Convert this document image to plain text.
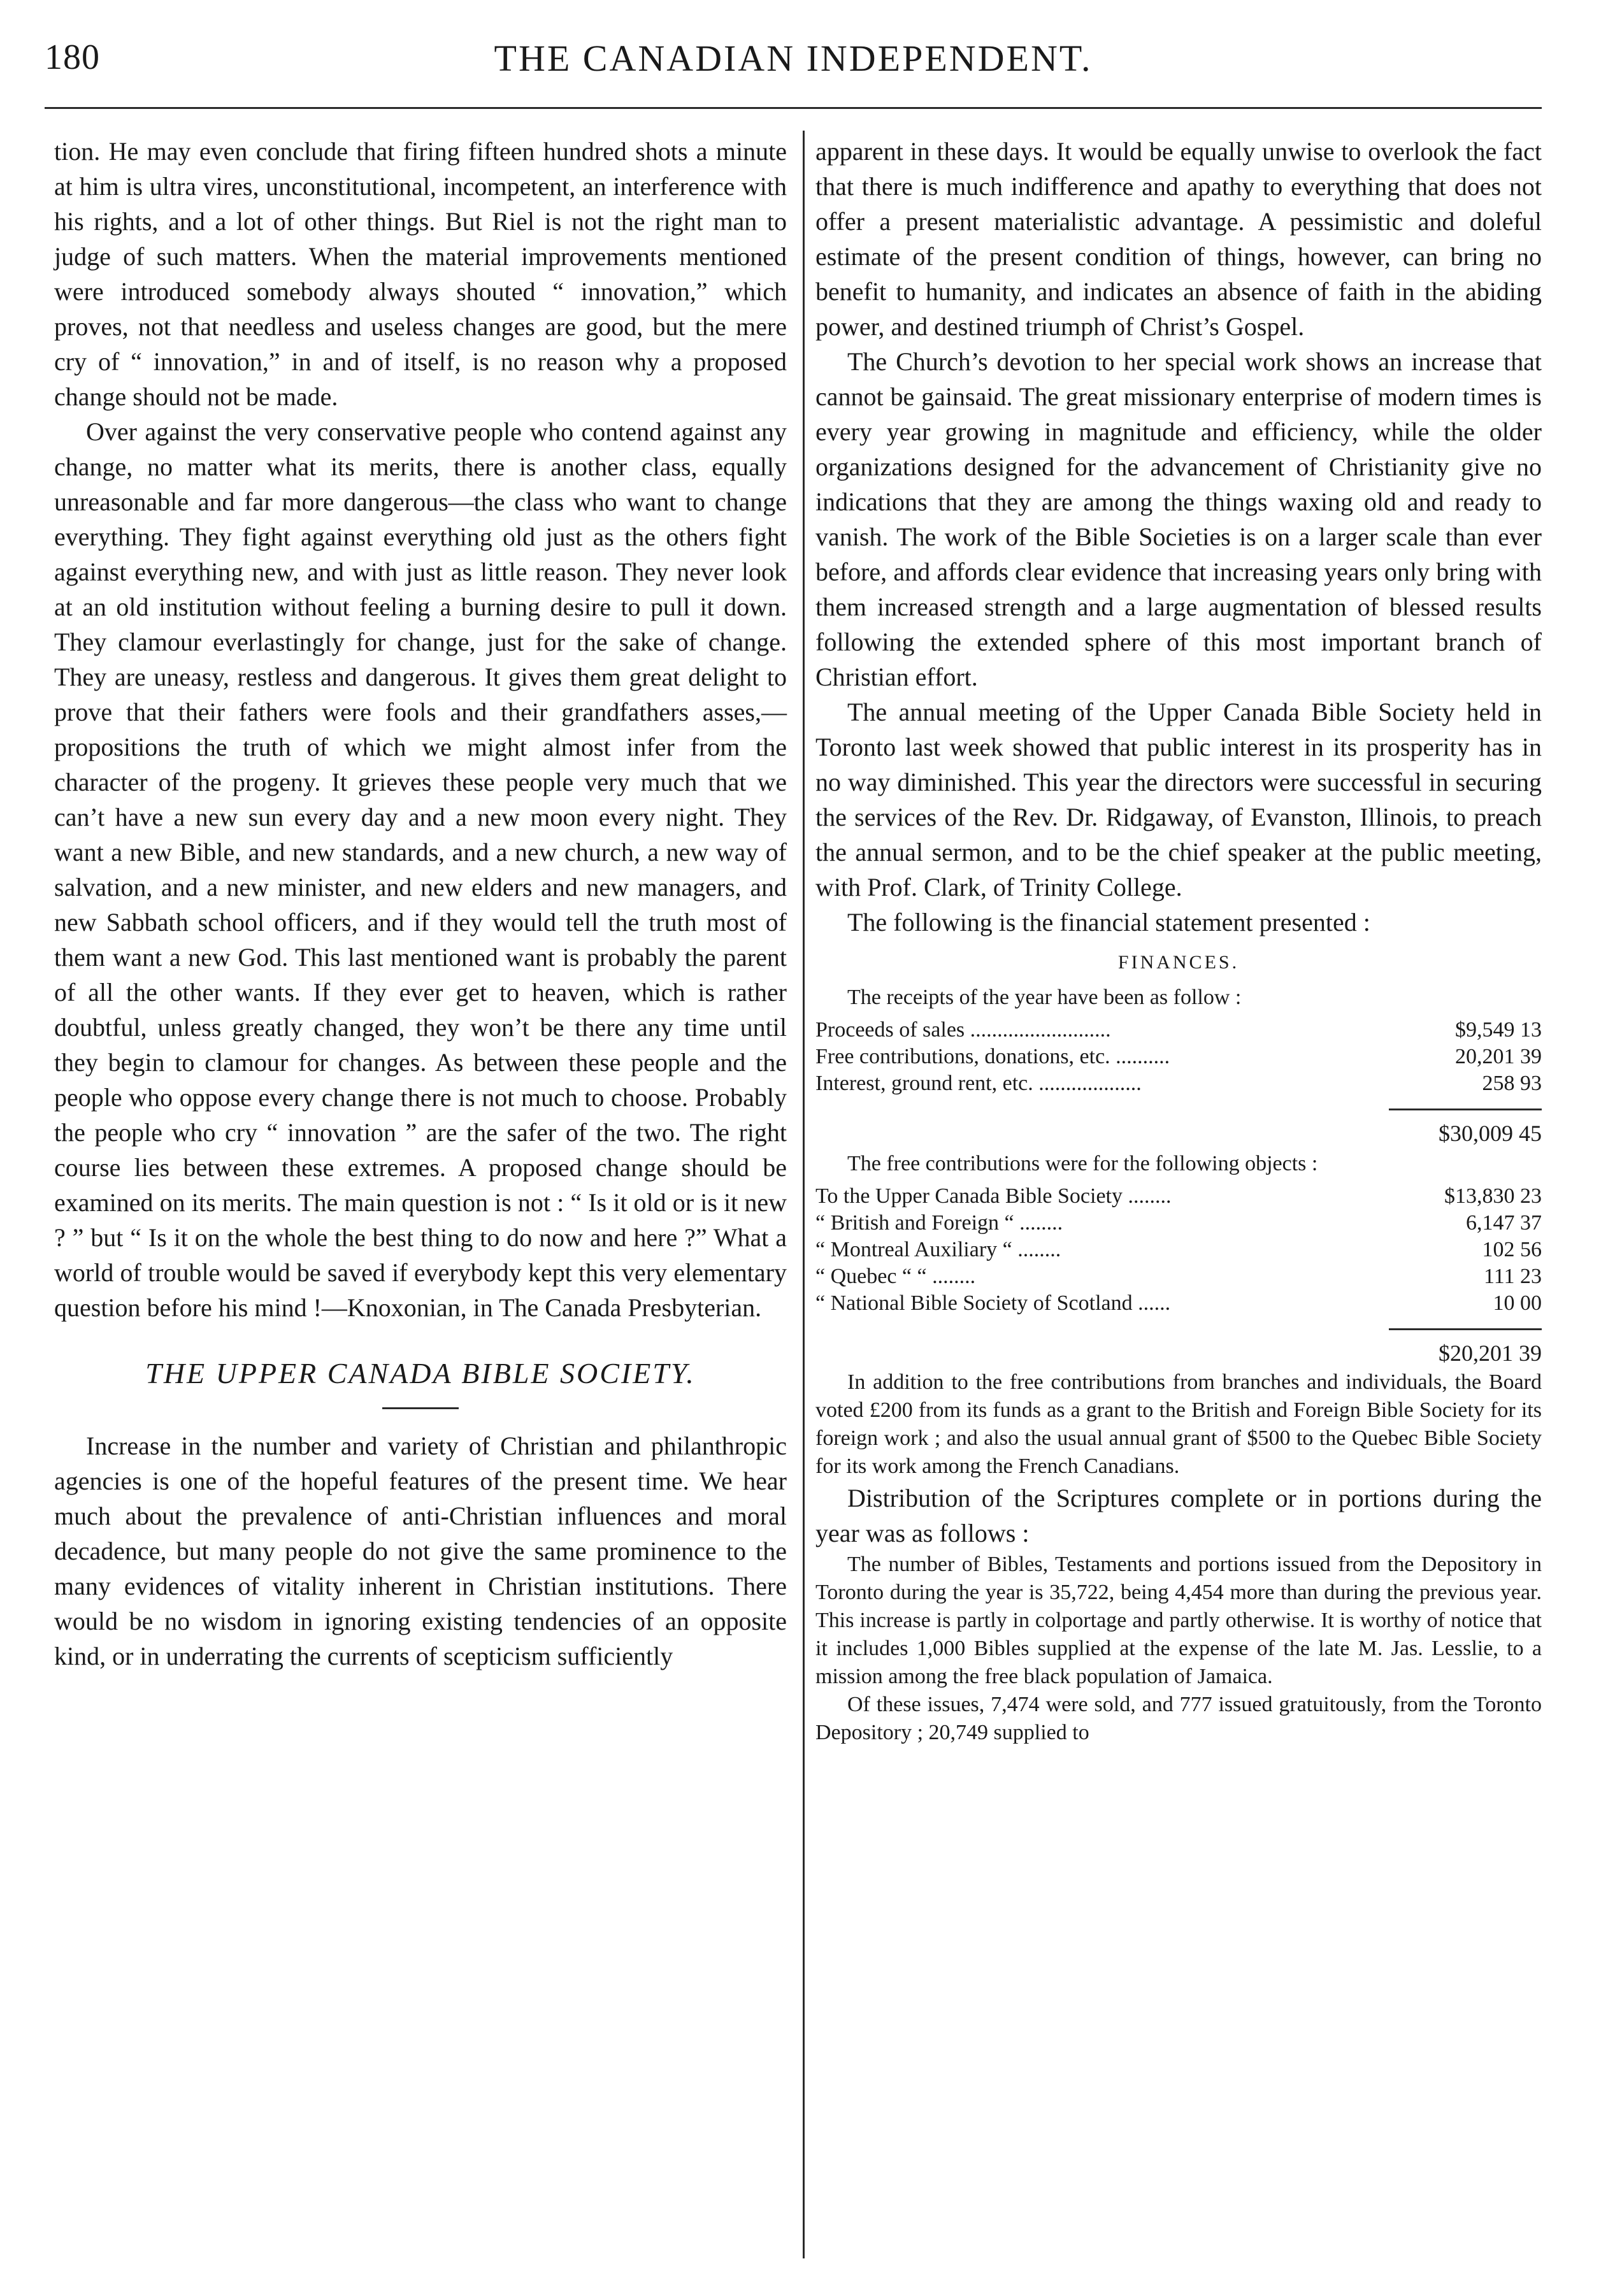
180	THE CANADIAN INDEPENDENT.

tion. He may even conclude that firing fifteen hundred shots a minute at him is ultra vires, unconstitutional, incompetent, an interference with his rights, and a lot of other things. But Riel is not the right man to judge of such matters. When the material improvements mentioned were introduced somebody always shouted “ innovation,” which proves, not that needless and useless changes are good, but the mere cry of “ innovation,” in and of itself, is no reason why a proposed change should not be made.

Over against the very conservative people who contend against any change, no matter what its merits, there is another class, equally unreasonable and far more dangerous—the class who want to change everything. They fight against everything old just as the others fight against everything new, and with just as little reason. They never look at an old institution without feeling a burning desire to pull it down. They clamour everlastingly for change, just for the sake of change. They are uneasy, restless and dangerous. It gives them great delight to prove that their fathers were fools and their grandfathers asses,—propositions the truth of which we might almost infer from the character of the progeny. It grieves these people very much that we can’t have a new sun every day and a new moon every night. They want a new Bible, and new standards, and a new church, a new way of salvation, and a new minister, and new elders and new managers, and new Sabbath school officers, and if they would tell the truth most of them want a new God. This last mentioned want is probably the parent of all the other wants. If they ever get to heaven, which is rather doubtful, unless greatly changed, they won’t be there any time until they begin to clamour for changes. As between these people and the people who oppose every change there is not much to choose. Probably the people who cry “ innovation ” are the safer of the two. The right course lies between these extremes. A proposed change should be examined on its merits. The main question is not : “ Is it old or is it new ? ” but “ Is it on the whole the best thing to do now and here ?” What a world of trouble would be saved if everybody kept this very elementary question before his mind !—Knoxonian, in The Canada Presbyterian.

THE UPPER CANADA BIBLE SOCIETY.

Increase in the number and variety of Christian and philanthropic agencies is one of the hopeful features of the present time. We hear much about the prevalence of anti-Christian influences and moral decadence, but many people do not give the same prominence to the many evidences of vitality inherent in Christian institutions. There would be no wisdom in ignoring existing tendencies of an opposite kind, or in underrating the currents of scepticism sufficiently

apparent in these days. It would be equally unwise to overlook the fact that there is much indifference and apathy to everything that does not offer a present materialistic advantage. A pessimistic and doleful estimate of the present condition of things, however, can bring no benefit to humanity, and indicates an absence of faith in the abiding power, and destined triumph of Christ’s Gospel.

The Church’s devotion to her special work shows an increase that cannot be gainsaid. The great missionary enterprise of modern times is every year growing in magnitude and efficiency, while the older organizations designed for the advancement of Christianity give no indications that they are among the things waxing old and ready to vanish. The work of the Bible Societies is on a larger scale than ever before, and affords clear evidence that increasing years only bring with them increased strength and a large augmentation of blessed results following the extended sphere of this most important branch of Christian effort.

The annual meeting of the Upper Canada Bible Society held in Toronto last week showed that public interest in its prosperity has in no way diminished. This year the directors were successful in securing the services of the Rev. Dr. Ridgaway, of Evanston, Illinois, to preach the annual sermon, and to be the chief speaker at the public meeting, with Prof. Clark, of Trinity College.

The following is the financial statement presented :

FINANCES.
The receipts of the year have been as follow :
Proceeds of sales ..........................	$9,549 13
Free contributions, donations, etc. ..........	20,201 39
Interest, ground rent, etc. ...................	258 93
$30,009 45
The free contributions were for the following objects :
To the Upper Canada Bible Society ........	$13,830 23
“ British and Foreign “ ........	6,147 37
“ Montreal Auxiliary “ ........	102 56
“ Quebec “ “ ........	111 23
“ National Bible Society of Scotland ......	10 00
$20,201 39

In addition to the free contributions from branches and individuals, the Board voted £200 from its funds as a grant to the British and Foreign Bible Society for its foreign work ; and also the usual annual grant of $500 to the Quebec Bible Society for its work among the French Canadians.

Distribution of the Scriptures complete or in portions during the year was as follows :

The number of Bibles, Testaments and portions issued from the Depository in Toronto during the year is 35,722, being 4,454 more than during the previous year. This increase is partly in colportage and partly otherwise. It is worthy of notice that it includes 1,000 Bibles supplied at the expense of the late M. Jas. Lesslie, to a mission among the free black population of Jamaica.

Of these issues, 7,474 were sold, and 777 issued gratuitously, from the Toronto Depository ; 20,749 supplied to
